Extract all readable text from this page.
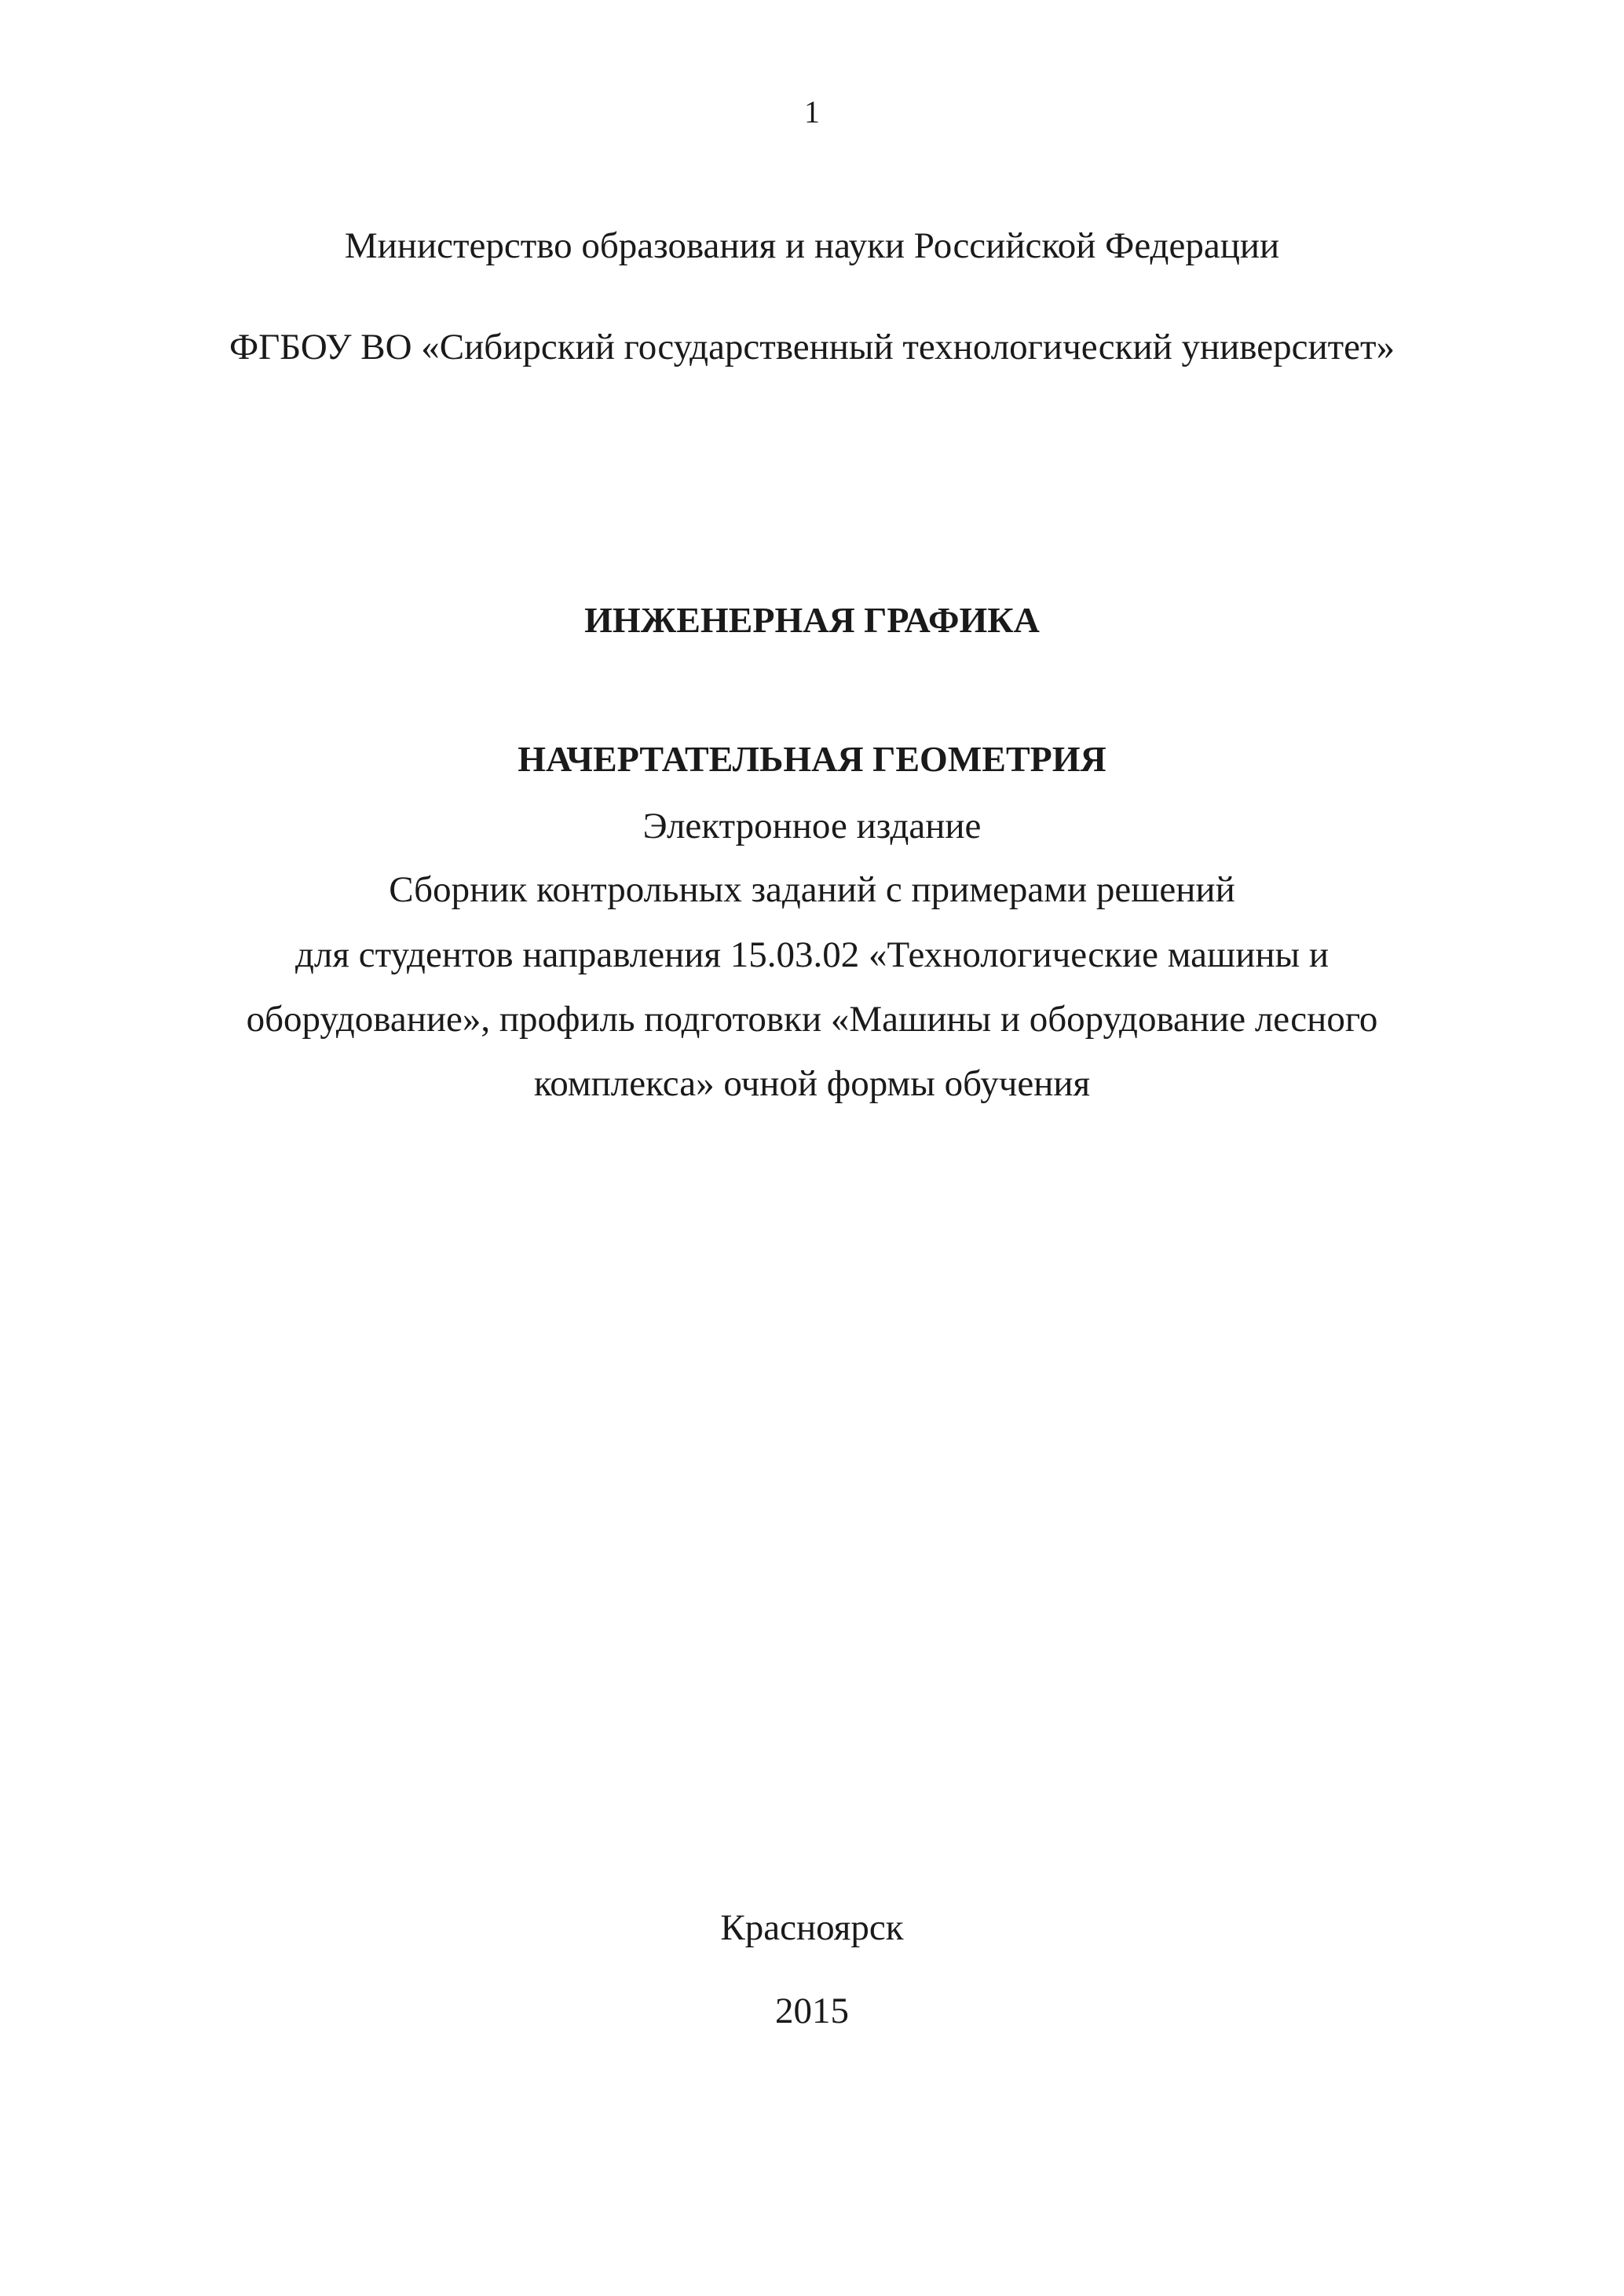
1
Министерство образования и науки Российской Федерации
ФГБОУ ВО «Сибирский государственный технологический университет»
ИНЖЕНЕРНАЯ ГРАФИКА
НАЧЕРТАТЕЛЬНАЯ ГЕОМЕТРИЯ
Электронное издание
Сборник контрольных заданий с примерами решений
для студентов направления 15.03.02 «Технологические машины и
оборудование», профиль подготовки «Машины и оборудование лесного
комплекса» очной формы обучения
Красноярск
2015
